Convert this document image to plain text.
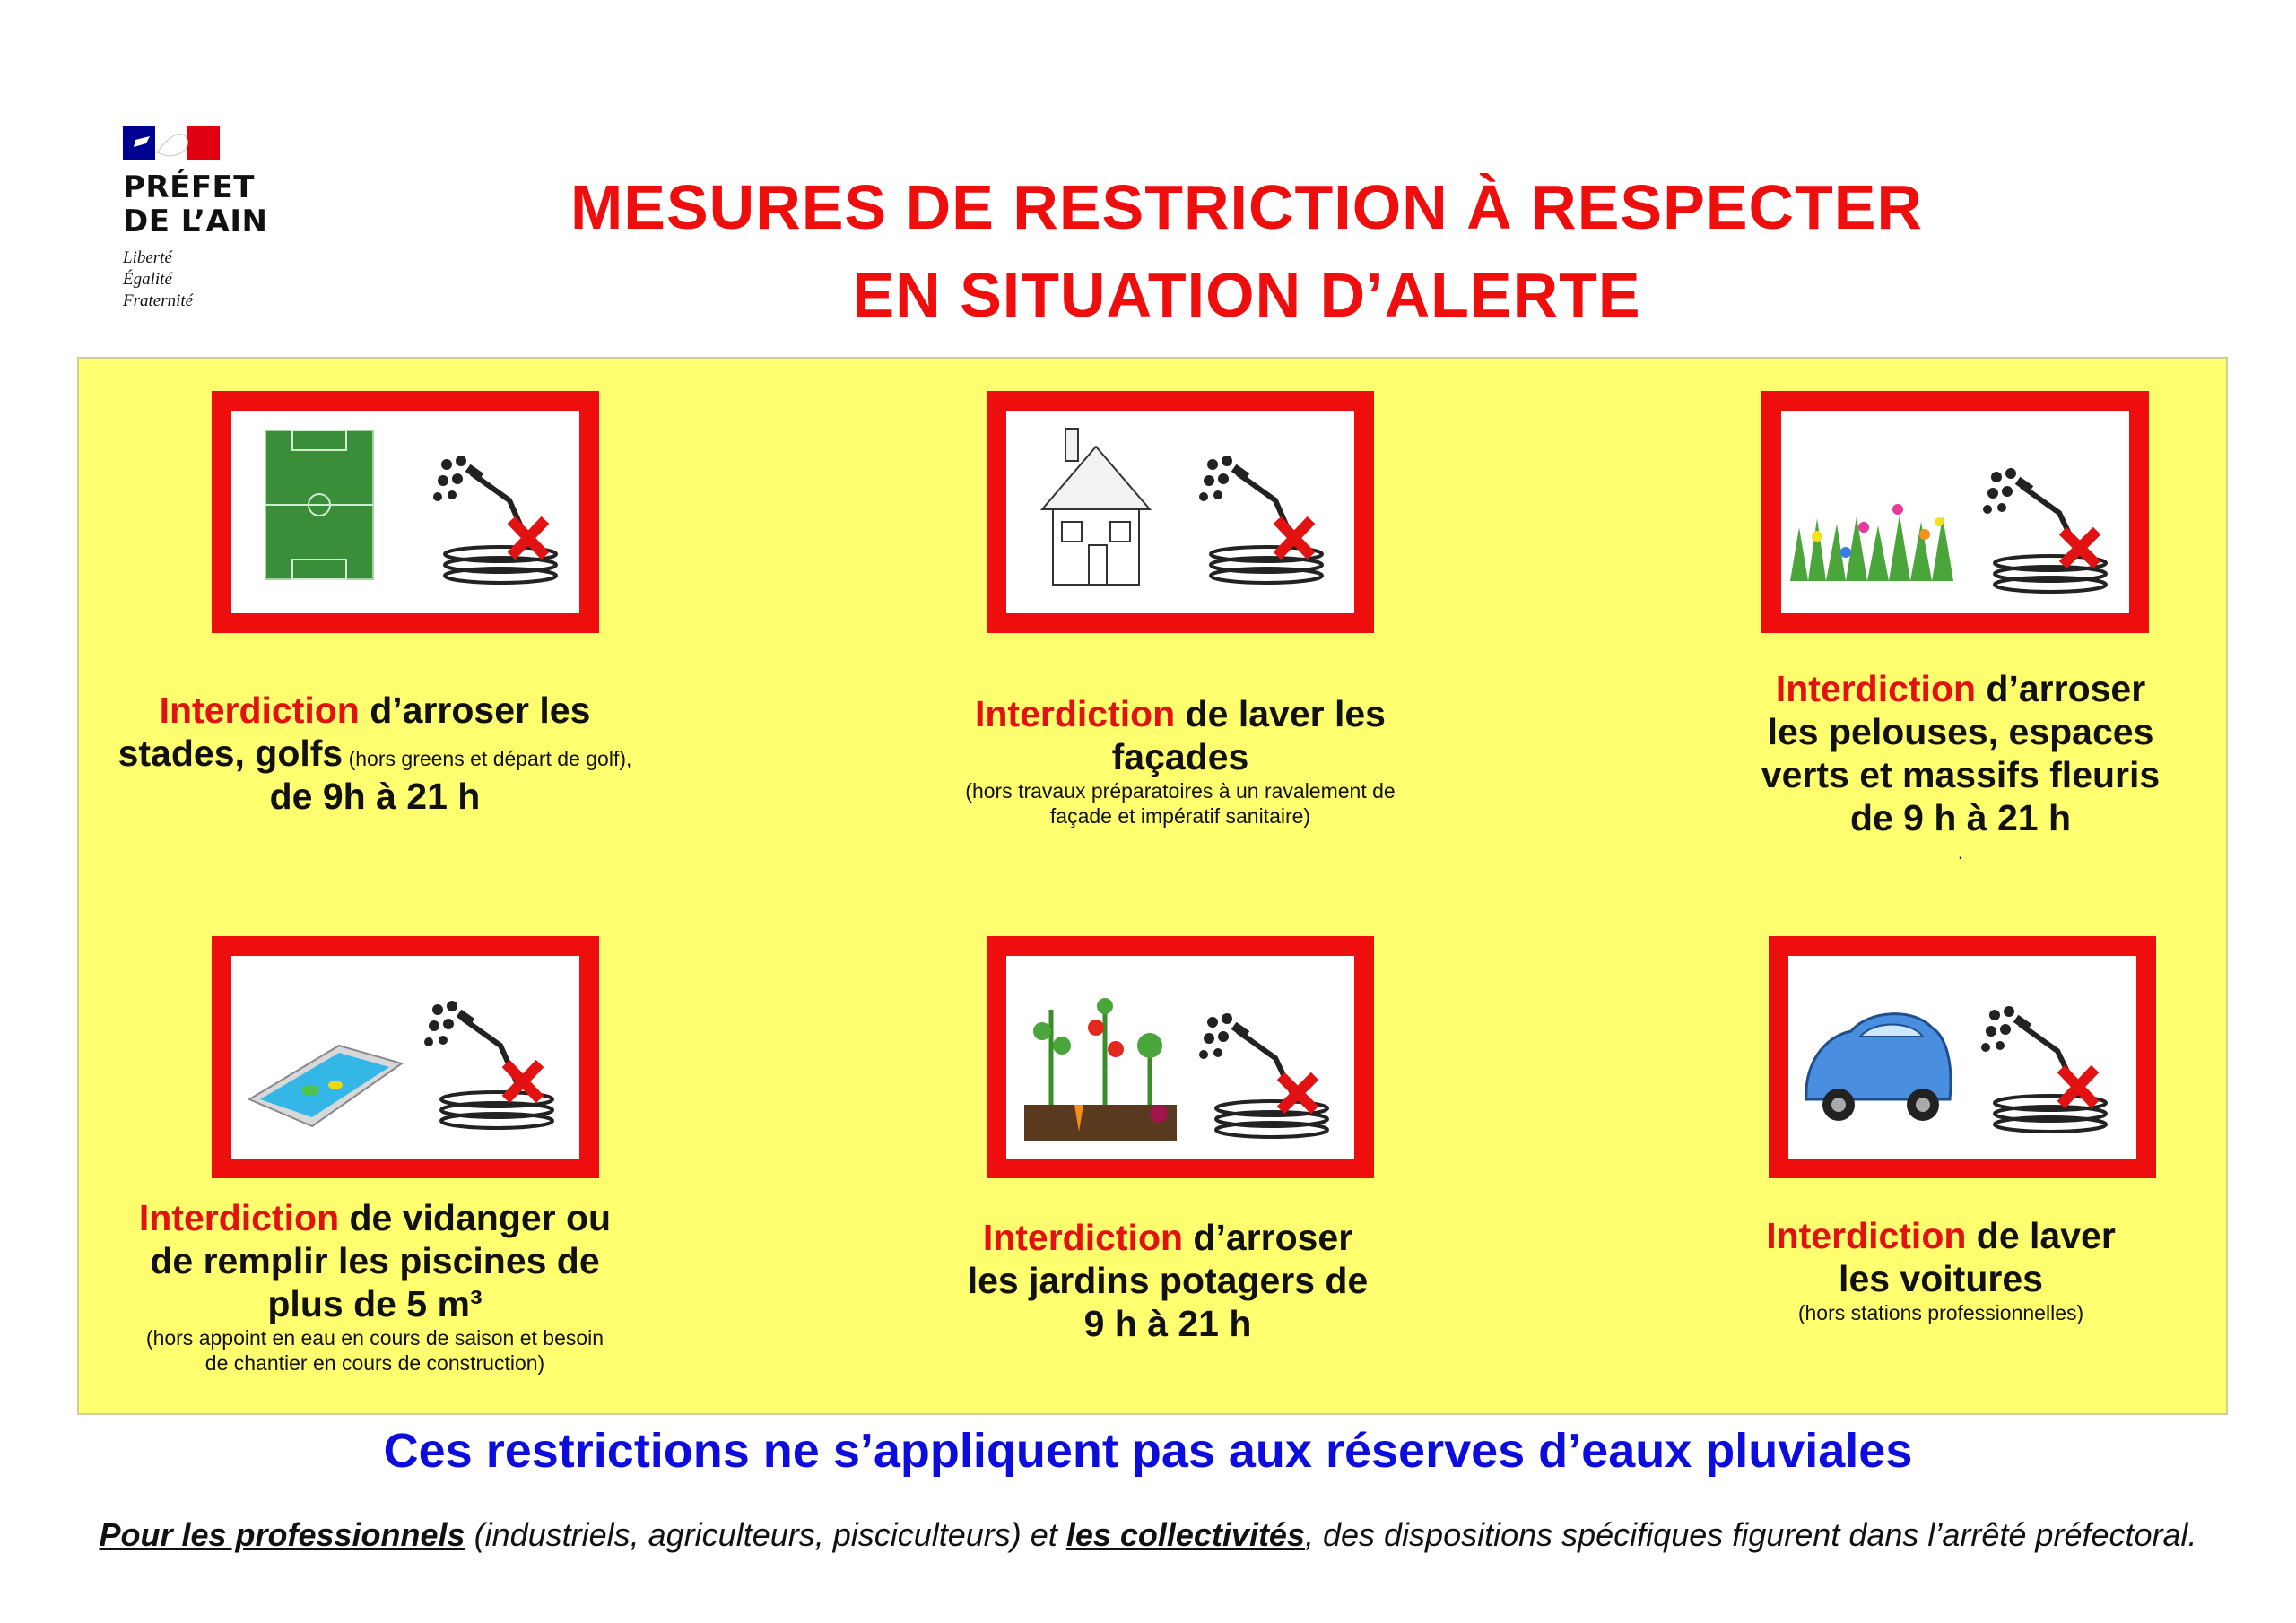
PRÉFET
DE L’AIN
Liberté
Égalité
Fraternité
MESURES DE RESTRICTION À RESPECTER
EN SITUATION D’ALERTE
Interdiction d’arroser les
stades, golfs (hors greens et départ de golf),
de 9h à 21 h
Interdiction de laver les
façades
(hors travaux préparatoires à un ravalement de
façade et impératif sanitaire)
Interdiction d’arroser
les pelouses, espaces
verts et massifs fleuris
de 9 h à 21 h
.
Interdiction de vidanger ou
de remplir les piscines de
plus de 5 m³
(hors appoint en eau en cours de saison et besoin
de chantier en cours de construction)
Interdiction d’arroser
les jardins potagers de
9 h à 21 h
Interdiction de laver
les voitures
(hors stations professionnelles)
Ces restrictions ne s’appliquent pas aux réserves d’eaux pluviales
Pour les professionnels (industriels, agriculteurs, pisciculteurs) et les collectivités, des dispositions spécifiques figurent dans l’arrêté préfectoral.
